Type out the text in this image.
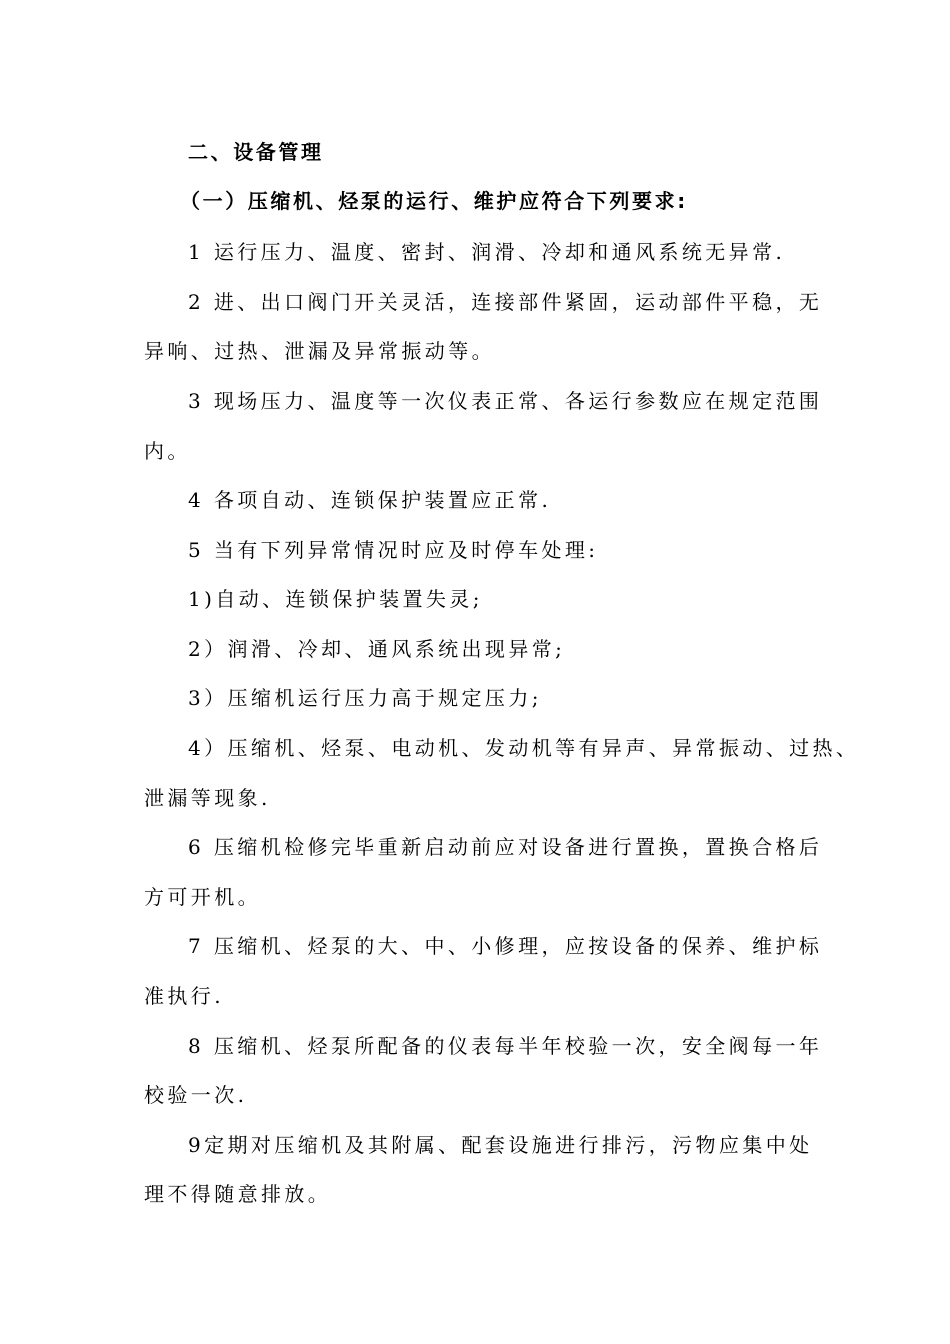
二、设备管理
（一）压缩机、烃泵的运行、维护应符合下列要求:
1 运行压力、温度、密封、润滑、冷却和通风系统无异常.
2 进、出口阀门开关灵活，连接部件紧固，运动部件平稳，无
异响、过热、泄漏及异常振动等。
3 现场压力、温度等一次仪表正常、各运行参数应在规定范围
内。
4 各项自动、连锁保护装置应正常.
5 当有下列异常情况时应及时停车处理:
1)自动、连锁保护装置失灵;
2）润滑、冷却、通风系统出现异常;
3）压缩机运行压力高于规定压力;
4）压缩机、烃泵、电动机、发动机等有异声、异常振动、过热、
泄漏等现象.
6 压缩机检修完毕重新启动前应对设备进行置换，置换合格后
方可开机。
7 压缩机、烃泵的大、中、小修理，应按设备的保养、维护标
准执行.
8 压缩机、烃泵所配备的仪表每半年校验一次，安全阀每一年
校验一次.
9定期对压缩机及其附属、配套设施进行排污，污物应集中处
理不得随意排放。
